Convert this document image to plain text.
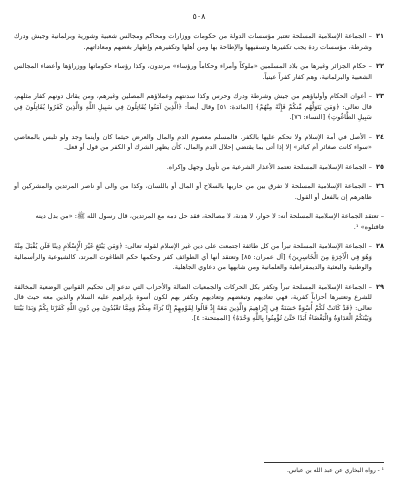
٥٠٨
٢١
– الجماعة الإسلامية المسلحة تعتبر مؤسسات الدولة من حكومات ووزارات ومحاكم ومجالس شعبية وشورية وبرلمانية وجيش ودرك وشرطة، مؤسسات ردة يجب تكفيرها وتسفيهها والإطاحة بها ومن أهلها وتكفيرهم وإظهار بغضهم ومعاداتهم.
٢٢
– حكام الجزائر وغيرها من بلاد المسلمين «ملوكاً وأمراء وحكاماً ورؤساء» مرتدون، وكذا رؤساء حكوماتها ووزراؤها وأعضاء المجالس الشعبية والبرلمانية، وهم كفار كفراً عينياً.
٢٣
– أعوان الحكام وأولياؤهم من جيش وشرطة ودرك وحرس وكذا سدنتهم وعملاؤهم المصلين وغيرهم، ومن يقاتل دونهم كفار مثلهم، قال تعالى: ﴿وَمَن يَتَوَلَّهُم مِّنكُمْ فَإِنَّهُ مِنْهُمْ﴾ [المائدة: ٥١] وقال أيضاً: ﴿الَّذِينَ آمَنُوا يُقَاتِلُونَ فِي سَبِيلِ اللَّهِ وَالَّذِينَ كَفَرُوا يُقَاتِلُونَ فِي سَبِيلِ الطَّاغُوتِ﴾ [النساء: ٧٦].
٢٤
– الأصل في أمة الإسلام ولا نحكم عليها بالكفر. فالمسلم معصوم الدم والمال والعرض حيثما كان وأينما وجد ولو تلبس بالمعاصي «سواء كانت صغائر أم كبائر» إلا إذا أتى بما يقتضي إحلال الدم والمال، كأن يظهر الشرك أو الكفر من قول أو فعل.
٢٥
– الجماعة الإسلامية المسلحة تعتمد الأعذار الشرعية من تأويل وجهل وإكراه.
٢٦
– الجماعة الإسلامية المسلحة لا تفرق بين من حاربها بالسلاح أو المال أو باللسان، وكذا من والى أو ناصر المرتدين والمشركين أو ظاهرهم إن بالفعل أو القول.
– تعتقد الجماعة الإسلامية المسلحة أنه: لا حوار، لا هدنة، لا مصالحة، فقد حل دمه مع المرتدين، قال رسول الله ﷺ: «من بدل دينه فاقتلوه» ¹.
٢٨
– الجماعة الإسلامية المسلحة تبرأ من كل طائفة اجتمعت على دين غير الإسلام لقوله تعالى: ﴿وَمَن يَبْتَغِ غَيْرَ الْإِسْلَامِ دِينًا فَلَن يُقْبَلَ مِنْهُ وَهُوَ فِي الْآخِرَةِ مِنَ الْخَاسِرِينَ﴾ [آل عمران: ٨٥] وتعتقد أنها أي الطوائف كفر وحكمها حكم الطاغوت المرتد، كالشيوعية والرأسمالية والوطنية والبعثية والديمقراطية والعلمانية ومن شابهها من دعاوي الجاهلية.
٢٩
– الجماعة الإسلامية المسلحة تبرأ وتكفر بكل الحركات والجمعيات الضالة والأحزاب التي تدعو إلى تحكيم القوانين الوضعية المخالفة للشرع وتعتبرها أحزاباً كفرية، فهي تعاديهم وتبغضهم وتعاديهم وتكفر بهم لكون أسوة بإبراهيم عليه السلام والذين معه حيث قال تعالى: ﴿قَدْ كَانَتْ لَكُمْ أُسْوَةٌ حَسَنَةٌ فِي إِبْرَاهِيمَ وَالَّذِينَ مَعَهُ إِذْ قَالُوا لِقَوْمِهِمْ إِنَّا بُرَآءُ مِنكُمْ وَمِمَّا تَعْبُدُونَ مِن دُونِ اللَّهِ كَفَرْنَا بِكُمْ وَبَدَا بَيْنَنَا وَبَيْنَكُمُ الْعَدَاوَةُ وَالْبَغْضَاءُ أَبَدًا حَتَّىٰ تُؤْمِنُوا بِاللَّهِ وَحْدَهُ﴾ [الممتحنة: ٤].
¹ - رواه البخاري عن عبد الله بن عباس.
